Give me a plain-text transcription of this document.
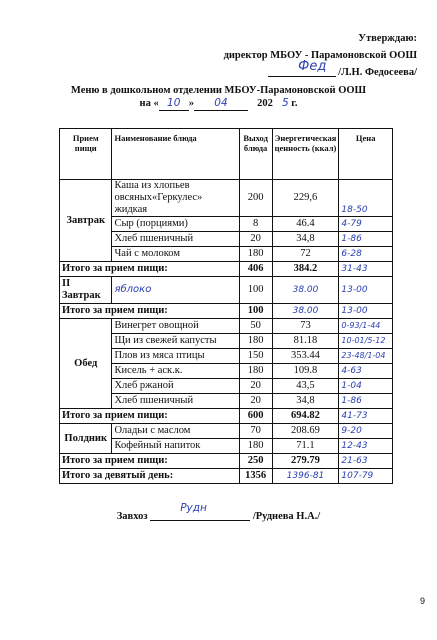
Утверждаю:
директор МБОУ - Парамоновской ООШ
Фед /Л.Н. Федосеева/
Меню в дошкольном отделении МБОУ-Парамоновской ООШ
на « 10 » 04	202 5 г.
Прием пищи	Наименование блюда	Выход блюда	Энергетическая ценность (ккал)	Цена
Завтрак	Каша из хлопьев овсяных«Геркулес» жидкая	200	229,6	18-50
	Сыр (порциями)	8	46.4	4-79
	Хлеб пшеничный	20	34,8	1-86
	Чай с молоком	180	72	6-28
Итого за прием пищи:		406	384.2	31-43
II Завтрак	яблоко	100	38.00	13-00
Итого за прием пищи:		100	38.00	13-00
Обед	Винегрет овощной	50	73	0-93/1-44
	Щи из свежей капусты	180	81.18	10-01/5-12
	Плов из мяса птицы	150	353.44	23-48/1-04
	Кисель + аск.к.	180	109.8	4-63
	Хлеб ржаной	20	43,5	1-04
	Хлеб пшеничный	20	34,8	1-86
Итого за прием пищи:		600	694.82	41-73
Полдник	Оладьи с маслом	70	208.69	9-20
	Кофейный напиток	180	71.1	12-43
Итого за прием пищи:		250	279.79	21-63
Итого за девятый день:		1356	1396-81	107-79
Завхоз
Рудн
/Руднева Н.А./
9
